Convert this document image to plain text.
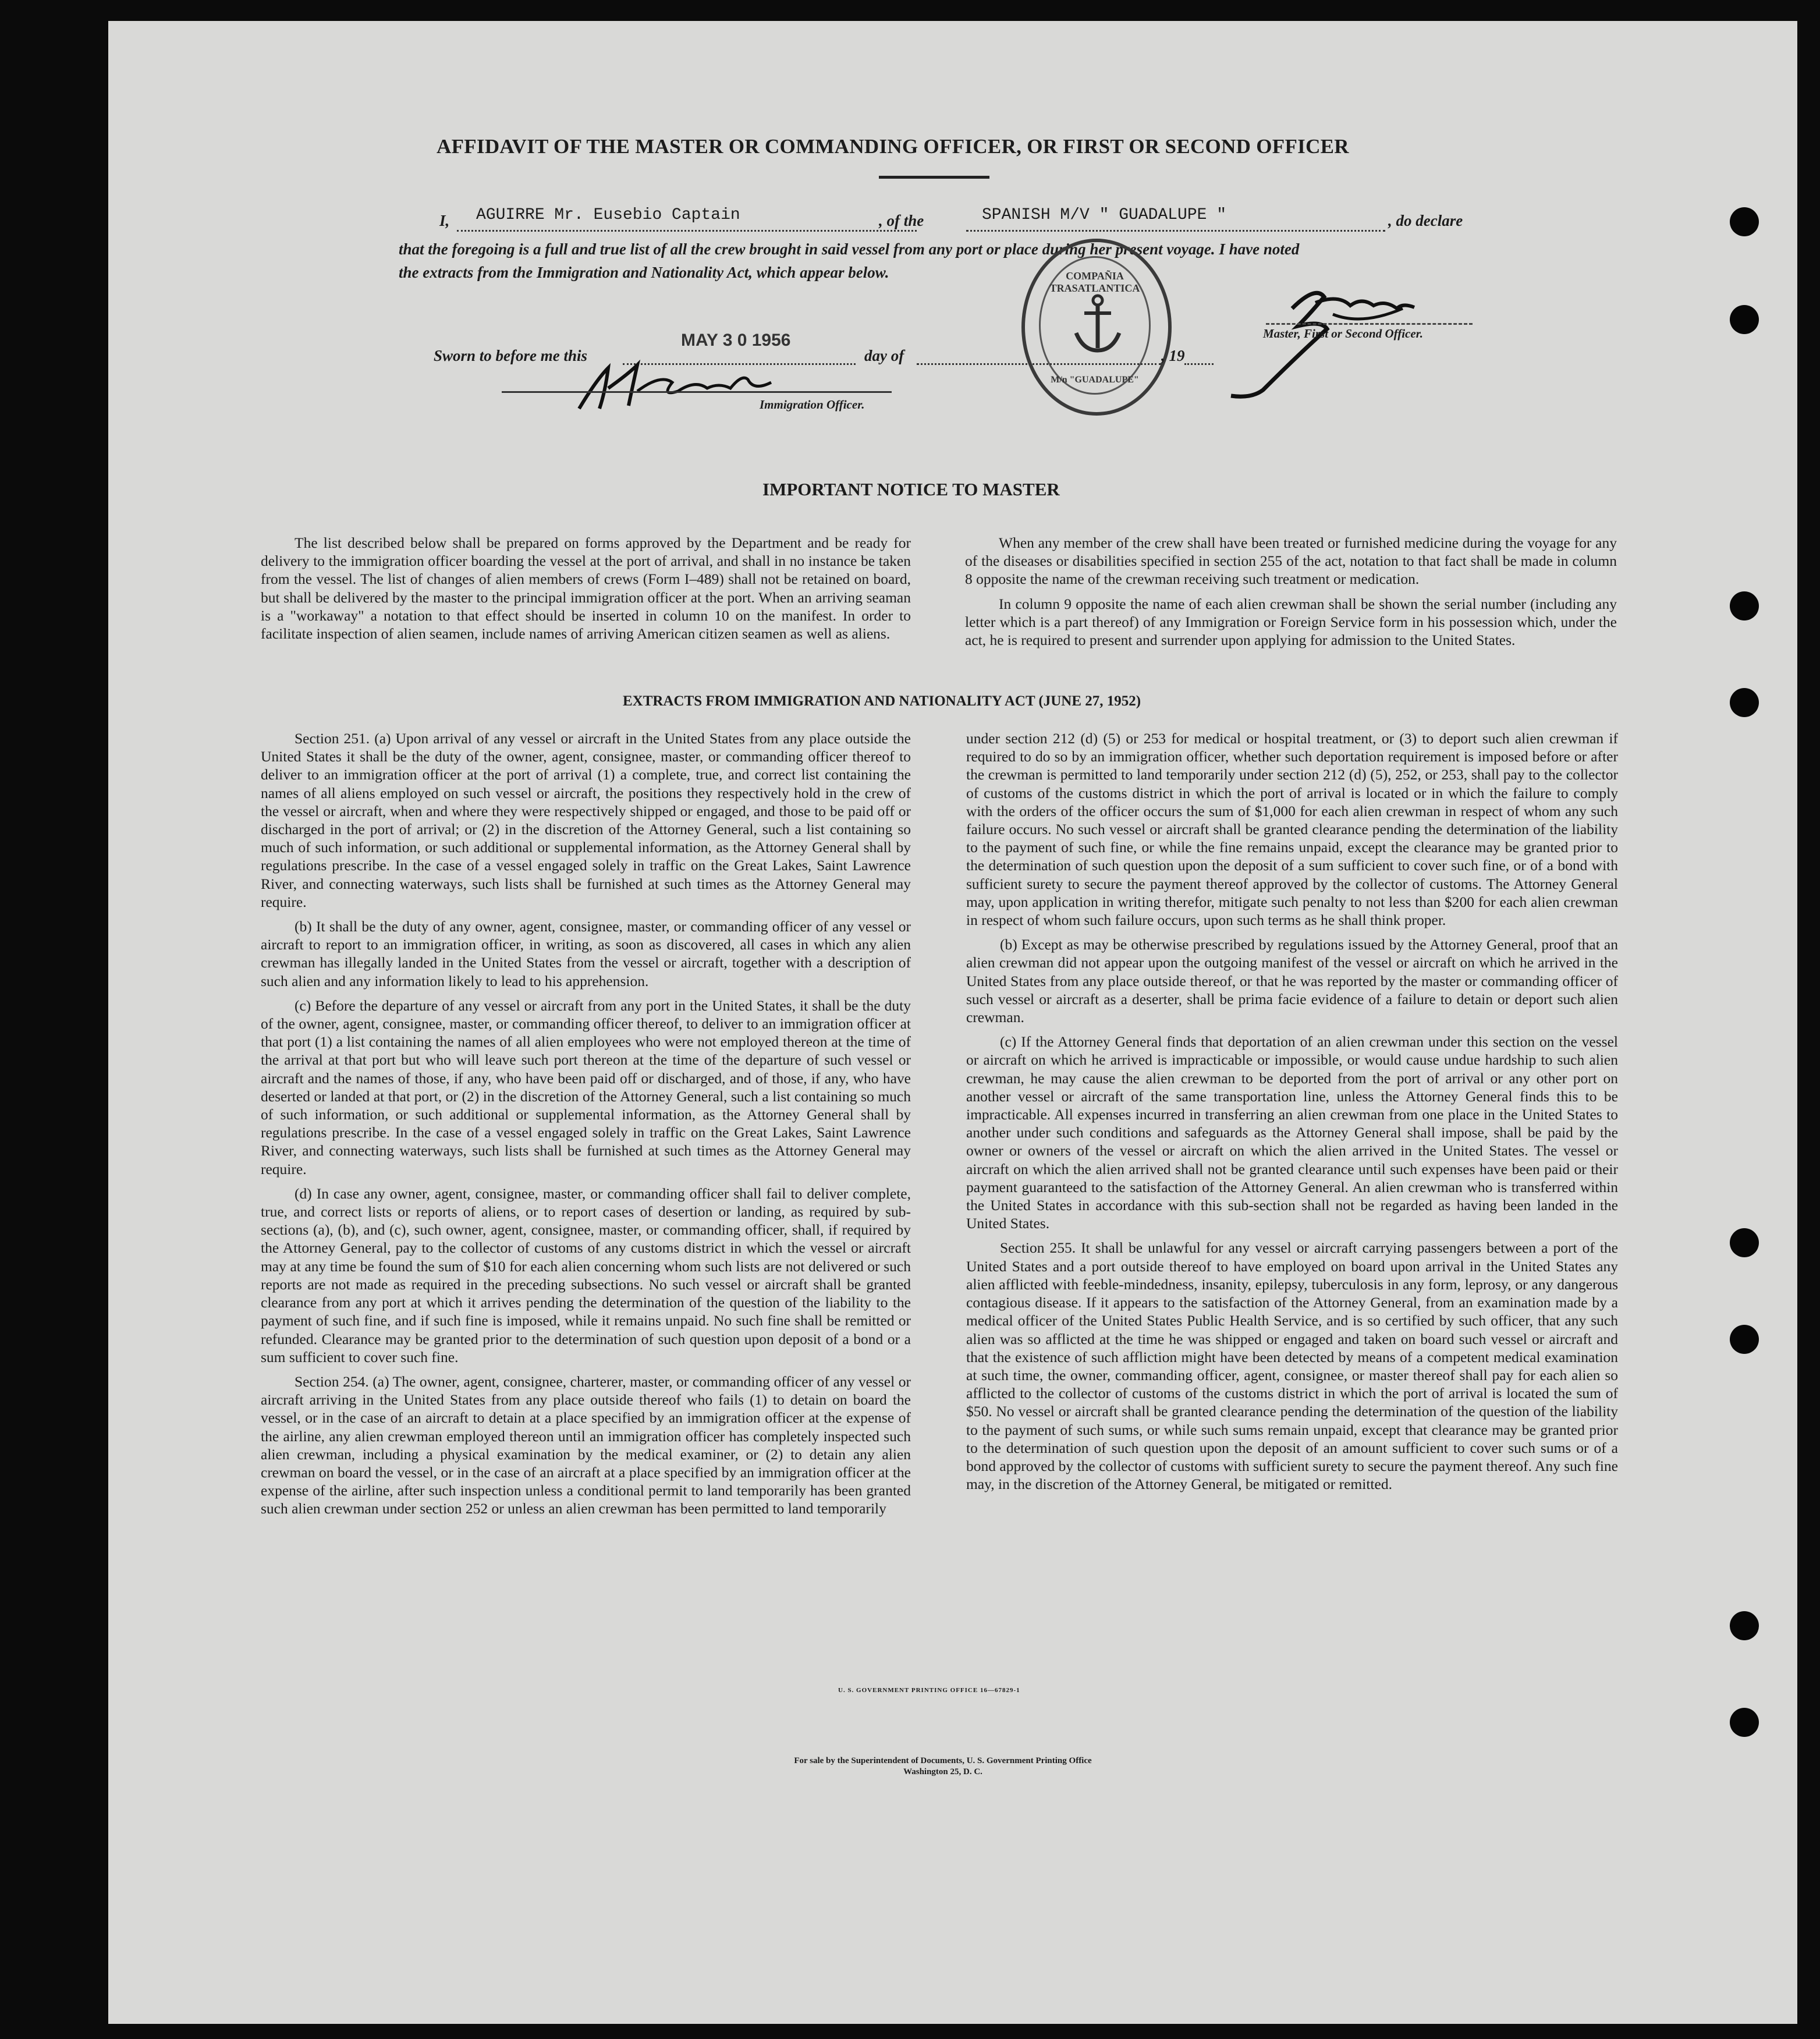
AFFIDAVIT OF THE MASTER OR COMMANDING OFFICER, OR FIRST OR SECOND OFFICER
I, AGUIRRE Mr. Eusebio Captain	, of the	SPANISH M/V " GUADALUPE "	, do declare
that the foregoing is a full and true list of all the crew brought in said vessel from any port or place during her present voyage. I have noted
the extracts from the Immigration and Nationality Act, which appear below.	COMPAÑIA TRASATLANTICA
M/n "GUADALUPE"
Master, First or Second Officer.
Sworn to before me this
MAY 3 0 1956
day of	, 19
Immigration Officer.
IMPORTANT NOTICE TO MASTER

The list described below shall be prepared on forms approved by the Department and be ready for delivery to the immigration officer boarding the vessel at the port of arrival, and shall in no instance be taken from the vessel. The list of changes of alien members of crews (Form I–489) shall not be retained on board, but shall be delivered by the master to the principal immigration officer at the port. When an arriving seaman is a "workaway" a notation to that effect should be inserted in column 10 on the manifest. In order to facilitate inspection of alien seamen, include names of arriving American citizen seamen as well as aliens.

When any member of the crew shall have been treated or furnished medicine during the voyage for any of the diseases or disabilities specified in section 255 of the act, notation to that fact shall be made in column 8 opposite the name of the crewman receiving such treatment or medication.

In column 9 opposite the name of each alien crewman shall be shown the serial number (including any letter which is a part thereof) of any Immigration or Foreign Service form in his possession which, under the act, he is required to present and surrender upon applying for admission to the United States.

EXTRACTS FROM IMMIGRATION AND NATIONALITY ACT (JUNE 27, 1952)

Section 251. (a) Upon arrival of any vessel or aircraft in the United States from any place outside the United States it shall be the duty of the owner, agent, consignee, master, or commanding officer thereof to deliver to an immigration officer at the port of arrival (1) a complete, true, and correct list containing the names of all aliens employed on such vessel or aircraft, the positions they respectively hold in the crew of the vessel or aircraft, when and where they were respectively shipped or engaged, and those to be paid off or discharged in the port of arrival; or (2) in the discretion of the Attorney General, such a list containing so much of such information, or such additional or supplemental information, as the Attorney General shall by regulations prescribe. In the case of a vessel engaged solely in traffic on the Great Lakes, Saint Lawrence River, and connecting waterways, such lists shall be furnished at such times as the Attorney General may require.

(b) It shall be the duty of any owner, agent, consignee, master, or commanding officer of any vessel or aircraft to report to an immigration officer, in writing, as soon as discovered, all cases in which any alien crewman has illegally landed in the United States from the vessel or aircraft, together with a description of such alien and any information likely to lead to his apprehension.

(c) Before the departure of any vessel or aircraft from any port in the United States, it shall be the duty of the owner, agent, consignee, master, or commanding officer thereof, to deliver to an immigration officer at that port (1) a list containing the names of all alien employees who were not employed thereon at the time of the arrival at that port but who will leave such port thereon at the time of the departure of such vessel or aircraft and the names of those, if any, who have been paid off or discharged, and of those, if any, who have deserted or landed at that port, or (2) in the discretion of the Attorney General, such a list containing so much of such information, or such additional or supplemental information, as the Attorney General shall by regulations prescribe. In the case of a vessel engaged solely in traffic on the Great Lakes, Saint Lawrence River, and connecting waterways, such lists shall be furnished at such times as the Attorney General may require.

(d) In case any owner, agent, consignee, master, or commanding officer shall fail to deliver complete, true, and correct lists or reports of aliens, or to report cases of desertion or landing, as required by sub-sections (a), (b), and (c), such owner, agent, consignee, master, or commanding officer, shall, if required by the Attorney General, pay to the collector of customs of any customs district in which the vessel or aircraft may at any time be found the sum of $10 for each alien concerning whom such lists are not delivered or such reports are not made as required in the preceding subsections. No such vessel or aircraft shall be granted clearance from any port at which it arrives pending the determination of the question of the liability to the payment of such fine, and if such fine is imposed, while it remains unpaid. No such fine shall be remitted or refunded. Clearance may be granted prior to the determination of such question upon deposit of a bond or a sum sufficient to cover such fine.

Section 254. (a) The owner, agent, consignee, charterer, master, or commanding officer of any vessel or aircraft arriving in the United States from any place outside thereof who fails (1) to detain on board the vessel, or in the case of an aircraft to detain at a place specified by an immigration officer at the expense of the airline, any alien crewman employed thereon until an immigration officer has completely inspected such alien crewman, including a physical examination by the medical examiner, or (2) to detain any alien crewman on board the vessel, or in the case of an aircraft at a place specified by an immigration officer at the expense of the airline, after such inspection unless a conditional permit to land temporarily has been granted such alien crewman under section 252 or unless an alien crewman has been permitted to land temporarily

under section 212 (d) (5) or 253 for medical or hospital treatment, or (3) to deport such alien crewman if required to do so by an immigration officer, whether such deportation requirement is imposed before or after the crewman is permitted to land temporarily under section 212 (d) (5), 252, or 253, shall pay to the collector of customs of the customs district in which the port of arrival is located or in which the failure to comply with the orders of the officer occurs the sum of $1,000 for each alien crewman in respect of whom any such failure occurs. No such vessel or aircraft shall be granted clearance pending the determination of the liability to the payment of such fine, or while the fine remains unpaid, except the clearance may be granted prior to the determination of such question upon the deposit of a sum sufficient to cover such fine, or of a bond with sufficient surety to secure the payment thereof approved by the collector of customs. The Attorney General may, upon application in writing therefor, mitigate such penalty to not less than $200 for each alien crewman in respect of whom such failure occurs, upon such terms as he shall think proper.

(b) Except as may be otherwise prescribed by regulations issued by the Attorney General, proof that an alien crewman did not appear upon the outgoing manifest of the vessel or aircraft on which he arrived in the United States from any place outside thereof, or that he was reported by the master or commanding officer of such vessel or aircraft as a deserter, shall be prima facie evidence of a failure to detain or deport such alien crewman.

(c) If the Attorney General finds that deportation of an alien crewman under this section on the vessel or aircraft on which he arrived is impracticable or impossible, or would cause undue hardship to such alien crewman, he may cause the alien crewman to be deported from the port of arrival or any other port on another vessel or aircraft of the same transportation line, unless the Attorney General finds this to be impracticable. All expenses incurred in transferring an alien crewman from one place in the United States to another under such conditions and safeguards as the Attorney General shall impose, shall be paid by the owner or owners of the vessel or aircraft on which the alien arrived in the United States. The vessel or aircraft on which the alien arrived shall not be granted clearance until such expenses have been paid or their payment guaranteed to the satisfaction of the Attorney General. An alien crewman who is transferred within the United States in accordance with this sub-section shall not be regarded as having been landed in the United States.

Section 255. It shall be unlawful for any vessel or aircraft carrying passengers between a port of the United States and a port outside thereof to have employed on board upon arrival in the United States any alien afflicted with feeble-mindedness, insanity, epilepsy, tuberculosis in any form, leprosy, or any dangerous contagious disease. If it appears to the satisfaction of the Attorney General, from an examination made by a medical officer of the United States Public Health Service, and is so certified by such officer, that any such alien was so afflicted at the time he was shipped or engaged and taken on board such vessel or aircraft and that the existence of such affliction might have been detected by means of a competent medical examination at such time, the owner, commanding officer, agent, consignee, or master thereof shall pay for each alien so afflicted to the collector of customs of the customs district in which the port of arrival is located the sum of $50. No vessel or aircraft shall be granted clearance pending the determination of the question of the liability to the payment of such sums, or while such sums remain unpaid, except that clearance may be granted prior to the determination of such question upon the deposit of an amount sufficient to cover such sums or of a bond approved by the collector of customs with sufficient surety to secure the payment thereof. Any such fine may, in the discretion of the Attorney General, be mitigated or remitted.

U. S. GOVERNMENT PRINTING OFFICE 16—67829-1
For sale by the Superintendent of Documents, U. S. Government Printing Office
Washington 25, D. C.
